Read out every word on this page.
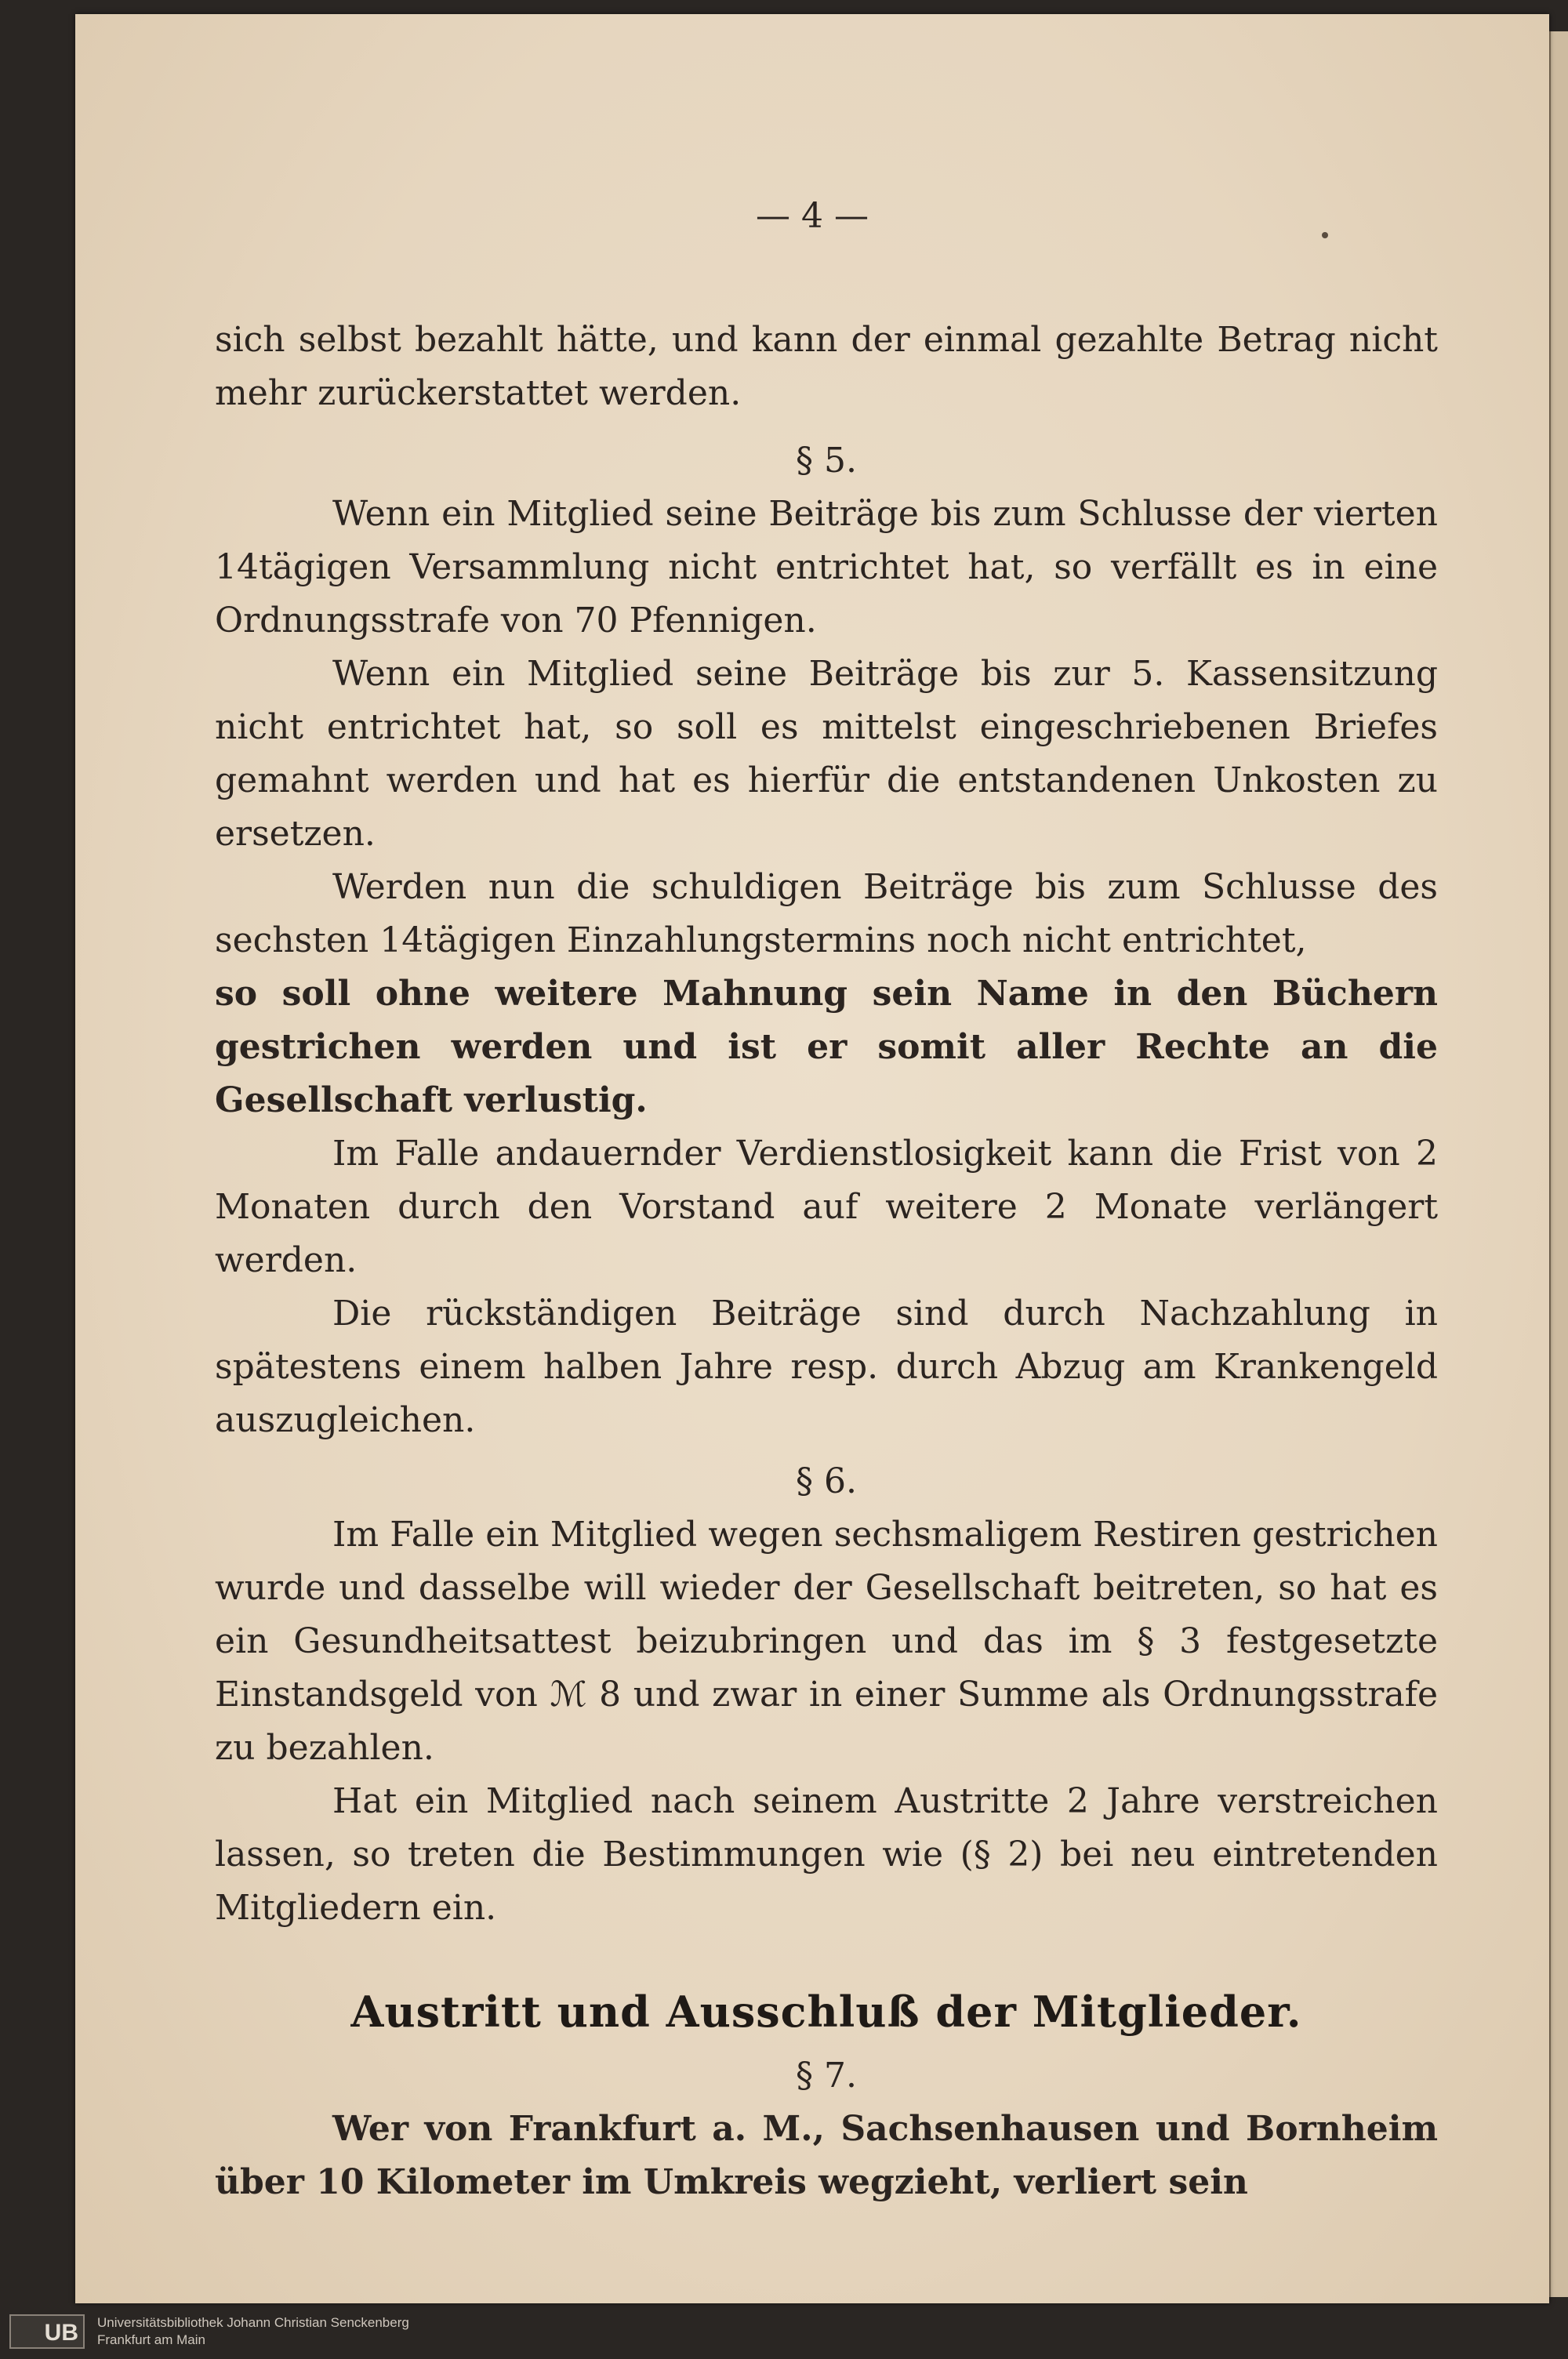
— 4 —

sich selbst bezahlt hätte, und kann der einmal gezahlte Betrag nicht mehr zurückerstattet werden.

§ 5.

Wenn ein Mitglied seine Beiträge bis zum Schlusse der vierten 14tägigen Versammlung nicht entrichtet hat, so verfällt es in eine Ordnungsstrafe von 70 Pfennigen.

Wenn ein Mitglied seine Beiträge bis zur 5. Kassensitzung nicht entrichtet hat, so soll es mittelst eingeschriebenen Briefes gemahnt werden und hat es hierfür die entstandenen Unkosten zu ersetzen.

Werden nun die schuldigen Beiträge bis zum Schlusse des sechsten 14tägigen Einzahlungstermins noch nicht entrichtet,

so soll ohne weitere Mahnung sein Name in den Büchern gestrichen werden und ist er somit aller Rechte an die Gesellschaft verlustig.

Im Falle andauernder Verdienstlosigkeit kann die Frist von 2 Monaten durch den Vorstand auf weitere 2 Monate verlängert werden.

Die rückständigen Beiträge sind durch Nachzahlung in spätestens einem halben Jahre resp. durch Abzug am Krankengeld auszugleichen.

§ 6.

Im Falle ein Mitglied wegen sechsmaligem Restiren gestrichen wurde und dasselbe will wieder der Gesellschaft beitreten, so hat es ein Gesundheitsattest beizubringen und das im § 3 festgesetzte Einstandsgeld von ℳ 8 und zwar in einer Summe als Ordnungsstrafe zu bezahlen.

Hat ein Mitglied nach seinem Austritte 2 Jahre verstreichen lassen, so treten die Bestimmungen wie (§ 2) bei neu eintretenden Mitgliedern ein.

Austritt und Ausschluß der Mitglieder.

§ 7.

Wer von Frankfurt a. M., Sachsenhausen und Bornheim über 10 Kilometer im Umkreis wegzieht, verliert sein

UB	Universitätsbibliothek Johann Christian Senckenberg
Frankfurt am Main
